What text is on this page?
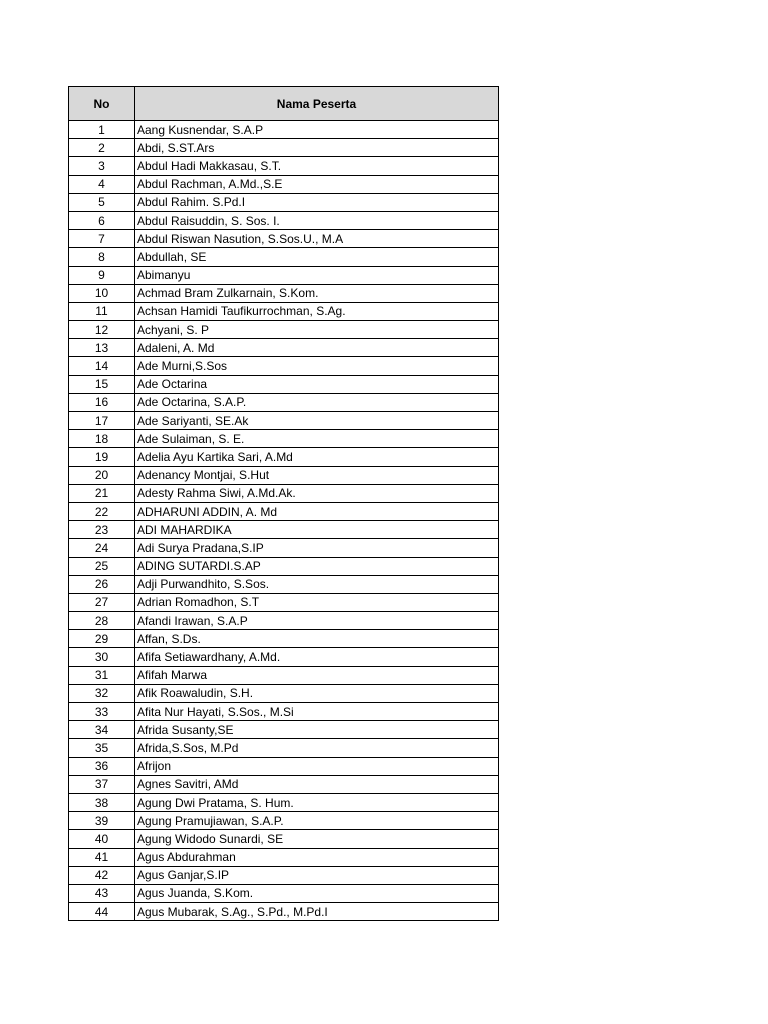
No	Nama Peserta
1	Aang Kusnendar, S.A.P
2	Abdi, S.ST.Ars
3	Abdul Hadi Makkasau, S.T.
4	Abdul Rachman, A.Md.,S.E
5	Abdul Rahim. S.Pd.I
6	Abdul Raisuddin, S. Sos. I.
7	Abdul Riswan Nasution, S.Sos.U., M.A
8	Abdullah, SE
9	Abimanyu
10	Achmad Bram Zulkarnain, S.Kom.
11	Achsan Hamidi Taufikurrochman, S.Ag.
12	Achyani, S. P
13	Adaleni, A. Md
14	Ade Murni,S.Sos
15	Ade Octarina
16	Ade Octarina, S.A.P.
17	Ade Sariyanti, SE.Ak
18	Ade Sulaiman, S. E.
19	Adelia Ayu Kartika Sari, A.Md
20	Adenancy Montjai, S.Hut
21	Adesty Rahma Siwi, A.Md.Ak.
22	ADHARUNI ADDIN, A. Md
23	ADI MAHARDIKA
24	Adi Surya Pradana,S.IP
25	ADING SUTARDI.S.AP
26	Adji Purwandhito, S.Sos.
27	Adrian Romadhon, S.T
28	Afandi Irawan, S.A.P
29	Affan, S.Ds.
30	Afifa Setiawardhany, A.Md.
31	Afifah Marwa
32	Afik Roawaludin, S.H.
33	Afita Nur Hayati, S.Sos., M.Si
34	Afrida Susanty,SE
35	Afrida,S.Sos, M.Pd
36	Afrijon
37	Agnes Savitri, AMd
38	Agung Dwi Pratama, S. Hum.
39	Agung Pramujiawan, S.A.P.
40	Agung Widodo Sunardi, SE
41	Agus Abdurahman
42	Agus Ganjar,S.IP
43	Agus Juanda, S.Kom.
44	Agus Mubarak, S.Ag., S.Pd., M.Pd.I
